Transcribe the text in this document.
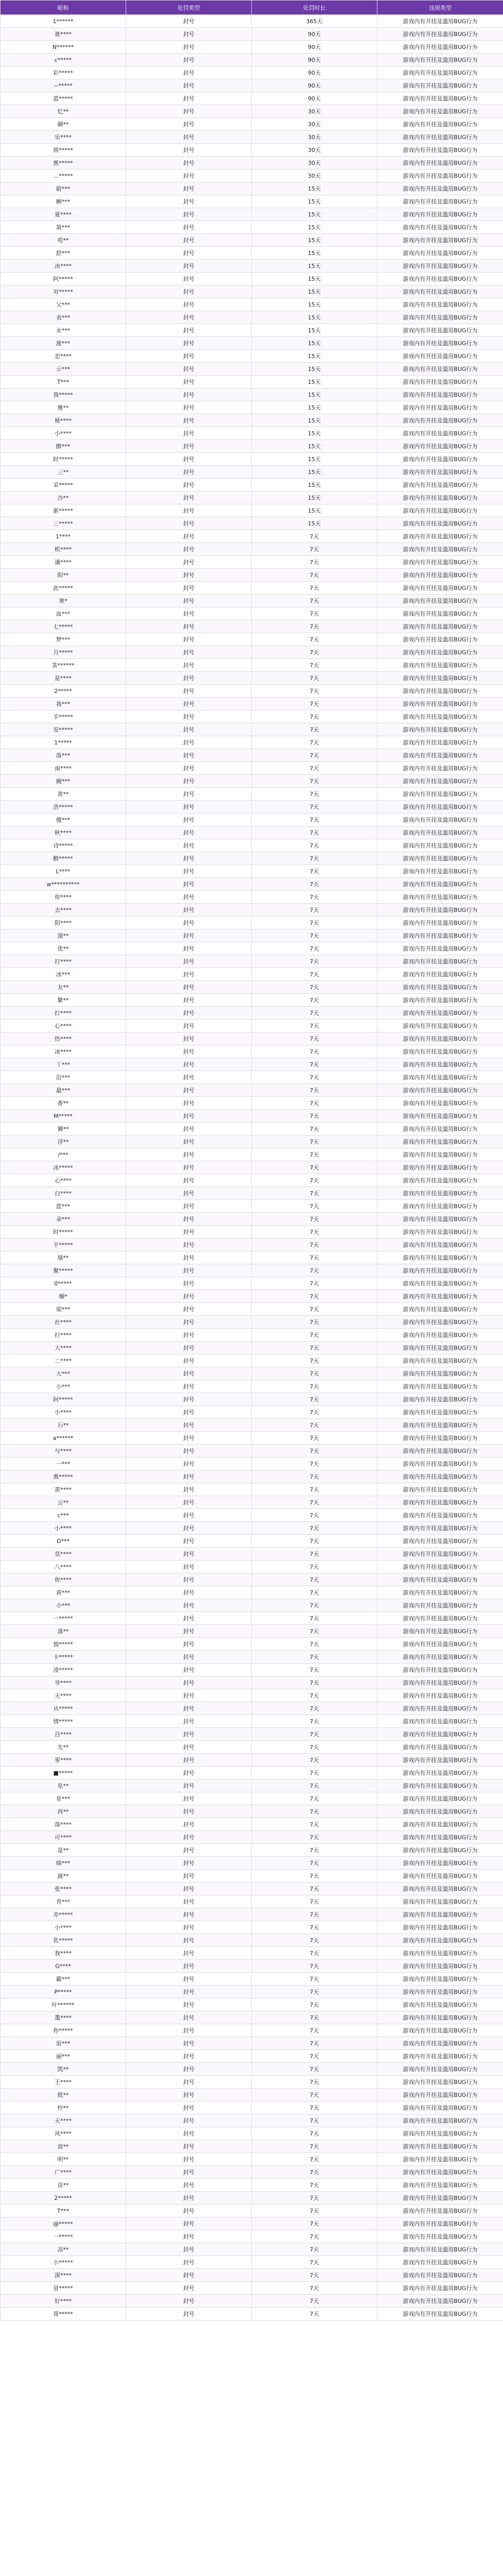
昵称	处罚类型	处罚时长	违规类型
1******	封号	365天	游戏内有开挂及滥用BUG行为
谁****	封号	90天	游戏内有开挂及滥用BUG行为
N******	封号	90天	游戏内有开挂及滥用BUG行为
c*****	封号	90天	游戏内有开挂及滥用BUG行为
彩*****	封号	90天	游戏内有开挂及滥用BUG行为
~*****	封号	90天	游戏内有开挂及滥用BUG行为
蓝*****	封号	90天	游戏内有开挂及滥用BUG行为
忆**	封号	30天	游戏内有开挂及滥用BUG行为
碉**	封号	30天	游戏内有开挂及滥用BUG行为
乐****	封号	30天	游戏内有开挂及滥用BUG行为
烦*****	封号	30天	游戏内有开挂及滥用BUG行为
蕉*****	封号	30天	游戏内有开挂及滥用BUG行为
…*****	封号	30天	游戏内有开挂及滥用BUG行为
蔚***	封号	15天	游戏内有开挂及滥用BUG行为
蝌***	封号	15天	游戏内有开挂及滥用BUG行为
夏****	封号	15天	游戏内有开挂及滥用BUG行为
第***	封号	15天	游戏内有开挂及滥用BUG行为
苟**	封号	15天	游戏内有开挂及滥用BUG行为
舒***	封号	15天	游戏内有开挂及滥用BUG行为
冰****	封号	15天	游戏内有开挂及滥用BUG行为
阿*****	封号	15天	游戏内有开挂及滥用BUG行为
对*****	封号	15天	游戏内有开挂及滥用BUG行为
父***	封号	15天	游戏内有开挂及滥用BUG行为
表***	封号	15天	游戏内有开挂及滥用BUG行为
永***	封号	15天	游戏内有开挂及滥用BUG行为
菠***	封号	15天	游戏内有开挂及滥用BUG行为
恋****	封号	15天	游戏内有开挂及滥用BUG行为
示***	封号	15天	游戏内有开挂及滥用BUG行为
T***	封号	15天	游戏内有开挂及滥用BUG行为
我*****	封号	15天	游戏内有开挂及滥用BUG行为
雅**	封号	15天	游戏内有开挂及滥用BUG行为
秘****	封号	15天	游戏内有开挂及滥用BUG行为
小****	封号	15天	游戏内有开挂及滥用BUG行为
醉***	封号	15天	游戏内有开挂及滥用BUG行为
时*****	封号	15天	游戏内有开挂及滥用BUG行为
三**	封号	15天	游戏内有开挂及滥用BUG行为
采*****	封号	15天	游戏内有开挂及滥用BUG行为
沙**	封号	15天	游戏内有开挂及滥用BUG行为
新*****	封号	15天	游戏内有开挂及滥用BUG行为
三*****	封号	15天	游戏内有开挂及滥用BUG行为
1****	封号	7天	游戏内有开挂及滥用BUG行为
机****	封号	7天	游戏内有开挂及滥用BUG行为
潘****	封号	7天	游戏内有开挂及滥用BUG行为
阳**	封号	7天	游戏内有开挂及滥用BUG行为
此*****	封号	7天	游戏内有开挂及滥用BUG行为
寒*	封号	7天	游戏内有开挂及滥用BUG行为
血***	封号	7天	游戏内有开挂及滥用BUG行为
七*****	封号	7天	游戏内有开挂及滥用BUG行为
梦***	封号	7天	游戏内有开挂及滥用BUG行为
月*****	封号	7天	游戏内有开挂及滥用BUG行为
茶******	封号	7天	游戏内有开挂及滥用BUG行为
是****	封号	7天	游戏内有开挂及滥用BUG行为
2*****	封号	7天	游戏内有开挂及滥用BUG行为
我***	封号	7天	游戏内有开挂及滥用BUG行为
手*****	封号	7天	游戏内有开挂及滥用BUG行为
安*****	封号	7天	游戏内有开挂及滥用BUG行为
1*****	封号	7天	游戏内有开挂及滥用BUG行为
落***	封号	7天	游戏内有开挂及滥用BUG行为
南****	封号	7天	游戏内有开挂及滥用BUG行为
碗***	封号	7天	游戏内有开挂及滥用BUG行为
黄**	封号	7天	游戏内有开挂及滥用BUG行为
浩*****	封号	7天	游戏内有开挂及滥用BUG行为
傻***	封号	7天	游戏内有开挂及滥用BUG行为
秋****	封号	7天	游戏内有开挂及滥用BUG行为
诗*****	封号	7天	游戏内有开挂及滥用BUG行为
醉*****	封号	7天	游戏内有开挂及滥用BUG行为
L****	封号	7天	游戏内有开挂及滥用BUG行为
w**********	封号	7天	游戏内有开挂及滥用BUG行为
你****	封号	7天	游戏内有开挂及滥用BUG行为
去****	封号	7天	游戏内有开挂及滥用BUG行为
阳****	封号	7天	游戏内有开挂及滥用BUG行为
漠**	封号	7天	游戏内有开挂及滥用BUG行为
优**	封号	7天	游戏内有开挂及滥用BUG行为
打****	封号	7天	游戏内有开挂及滥用BUG行为
冰***	封号	7天	游戏内有开挂及滥用BUG行为
友**	封号	7天	游戏内有开挂及滥用BUG行为
繁**	封号	7天	游戏内有开挂及滥用BUG行为
打****	封号	7天	游戏内有开挂及滥用BUG行为
心****	封号	7天	游戏内有开挂及滥用BUG行为
热****	封号	7天	游戏内有开挂及滥用BUG行为
冰****	封号	7天	游戏内有开挂及滥用BUG行为
丫***	封号	7天	游戏内有开挂及滥用BUG行为
沿***	封号	7天	游戏内有开挂及滥用BUG行为
最***	封号	7天	游戏内有开挂及滥用BUG行为
香**	封号	7天	游戏内有开挂及滥用BUG行为
M*****	封号	7天	游戏内有开挂及滥用BUG行为
狮**	封号	7天	游戏内有开挂及滥用BUG行为
浮**	封号	7天	游戏内有开挂及滥用BUG行为
/***	封号	7天	游戏内有开挂及滥用BUG行为
冰*****	封号	7天	游戏内有开挂及滥用BUG行为
心****	封号	7天	游戏内有开挂及滥用BUG行为
白****	封号	7天	游戏内有开挂及滥用BUG行为
蓝***	封号	7天	游戏内有开挂及滥用BUG行为
朵***	封号	7天	游戏内有开挂及滥用BUG行为
时*****	封号	7天	游戏内有开挂及滥用BUG行为
平*****	封号	7天	游戏内有开挂及滥用BUG行为
墙**	封号	7天	游戏内有开挂及滥用BUG行为
聚*****	封号	7天	游戏内有开挂及滥用BUG行为
0*****	封号	7天	游戏内有开挂及滥用BUG行为
燥*	封号	7天	游戏内有开挂及滥用BUG行为
梁***	封号	7天	游戏内有开挂及滥用BUG行为
社****	封号	7天	游戏内有开挂及滥用BUG行为
打****	封号	7天	游戏内有开挂及滥用BUG行为
大****	封号	7天	游戏内有开挂及滥用BUG行为
二****	封号	7天	游戏内有开挂及滥用BUG行为
大***	封号	7天	游戏内有开挂及滥用BUG行为
小***	封号	7天	游戏内有开挂及滥用BUG行为
阿*****	封号	7天	游戏内有开挂及滥用BUG行为
小****	封号	7天	游戏内有开挂及滥用BUG行为
石**	封号	7天	游戏内有开挂及滥用BUG行为
a******	封号	7天	游戏内有开挂及滥用BUG行为
与****	封号	7天	游戏内有开挂及滥用BUG行为
一***	封号	7天	游戏内有开挂及滥用BUG行为
燕*****	封号	7天	游戏内有开挂及滥用BUG行为
黄****	封号	7天	游戏内有开挂及滥用BUG行为
云**	封号	7天	游戏内有开挂及滥用BUG行为
c***	封号	7天	游戏内有开挂及滥用BUG行为
小****	封号	7天	游戏内有开挂及滥用BUG行为
D***	封号	7天	游戏内有开挂及滥用BUG行为
莫****	封号	7天	游戏内有开挂及滥用BUG行为
八****	封号	7天	游戏内有开挂及滥用BUG行为
你****	封号	7天	游戏内有开挂及滥用BUG行为
黄***	封号	7天	游戏内有开挂及滥用BUG行为
小***	封号	7天	游戏内有开挂及滥用BUG行为
一*****	封号	7天	游戏内有开挂及滥用BUG行为
落**	封号	7天	游戏内有开挂及滥用BUG行为
独*****	封号	7天	游戏内有开挂及滥用BUG行为
卡*****	封号	7天	游戏内有开挂及滥用BUG行为
凌*****	封号	7天	游戏内有开挂及滥用BUG行为
爷****	封号	7天	游戏内有开挂及滥用BUG行为
天****	封号	7天	游戏内有开挂及滥用BUG行为
从*****	封号	7天	游戏内有开挂及滥用BUG行为
情*****	封号	7天	游戏内有开挂及滥用BUG行为
吕****	封号	7天	游戏内有开挂及滥用BUG行为
先**	封号	7天	游戏内有开挂及滥用BUG行为
零****	封号	7天	游戏内有开挂及滥用BUG行为
■*****	封号	7天	游戏内有开挂及滥用BUG行为
星**	封号	7天	游戏内有开挂及滥用BUG行为
星***	封号	7天	游戏内有开挂及滥用BUG行为
再**	封号	7天	游戏内有开挂及滥用BUG行为
落****	封号	7天	游戏内有开挂及滥用BUG行为
可****	封号	7天	游戏内有开挂及滥用BUG行为
是**	封号	7天	游戏内有开挂及滥用BUG行为
绵***	封号	7天	游戏内有开挂及滥用BUG行为
就**	封号	7天	游戏内有开挂及滥用BUG行为
张****	封号	7天	游戏内有开挂及滥用BUG行为
青***	封号	7天	游戏内有开挂及滥用BUG行为
赤*****	封号	7天	游戏内有开挂及滥用BUG行为
小****	封号	7天	游戏内有开挂及滥用BUG行为
乳*****	封号	7天	游戏内有开挂及滥用BUG行为
我****	封号	7天	游戏内有开挂及滥用BUG行为
G****	封号	7天	游戏内有开挂及滥用BUG行为
霸***	封号	7天	游戏内有开挂及滥用BUG行为
P*****	封号	7天	游戏内有开挂及滥用BUG行为
叶******	封号	7天	游戏内有开挂及滥用BUG行为
墨****	封号	7天	游戏内有开挂及滥用BUG行为
你*****	封号	7天	游戏内有开挂及滥用BUG行为
讴***	封号	7天	游戏内有开挂及滥用BUG行为
丽***	封号	7天	游戏内有开挂及滥用BUG行为
凯**	封号	7天	游戏内有开挂及滥用BUG行为
王****	封号	7天	游戏内有开挂及滥用BUG行为
纸**	封号	7天	游戏内有开挂及滥用BUG行为
柠**	封号	7天	游戏内有开挂及滥用BUG行为
天****	封号	7天	游戏内有开挂及滥用BUG行为
风****	封号	7天	游戏内有开挂及滥用BUG行为
浪**	封号	7天	游戏内有开挂及滥用BUG行为
明**	封号	7天	游戏内有开挂及滥用BUG行为
广****	封号	7天	游戏内有开挂及滥用BUG行为
苗**	封号	7天	游戏内有开挂及滥用BUG行为
2*****	封号	7天	游戏内有开挂及滥用BUG行为
T***	封号	7天	游戏内有开挂及滥用BUG行为
@*****	封号	7天	游戏内有开挂及滥用BUG行为
一*****	封号	7天	游戏内有开挂及滥用BUG行为
凉**	封号	7天	游戏内有开挂及滥用BUG行为
小*****	封号	7天	游戏内有开挂及滥用BUG行为
深****	封号	7天	游戏内有开挂及滥用BUG行为
冒*****	封号	7天	游戏内有开挂及滥用BUG行为
好****	封号	7天	游戏内有开挂及滥用BUG行为
哥*****	封号	7天	游戏内有开挂及滥用BUG行为
